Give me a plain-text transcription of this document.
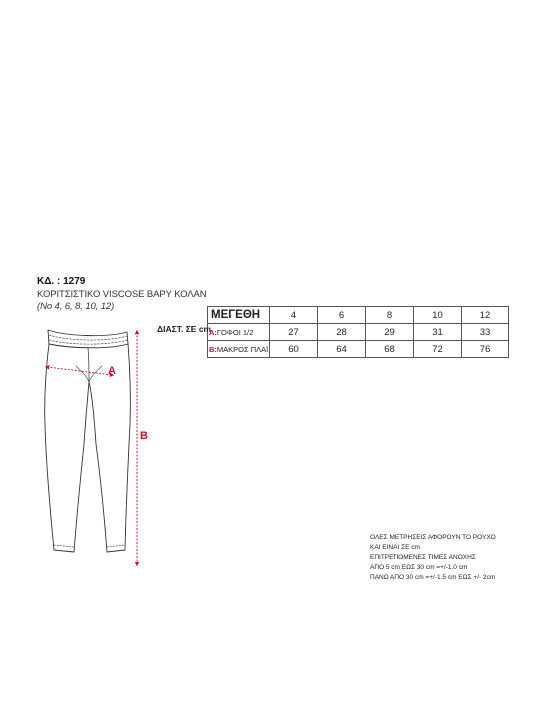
ΚΔ. : 1279
ΚΟΡΙΤΣΙΣΤΙΚΟ VISCOSE ΒΑΡΥ ΚΟΛΑΝ
(No 4, 6, 8, 10, 12)
A
B
ΜΕΓΕΘΗ	4	6	8	10	12
A:ΓΟΦΟΙ 1/2	27	28	29	31	33
B:ΜΑΚΡΟΣ ΠΛΑΪ	60	64	68	72	76
ΔΙΑΣΤ. ΣΕ cm
ΟΛΕΣ ΜΕΤΡΗΣΕΙΣ ΑΦΟΡΟΥΝ ΤΟ ΡΟΥΧΟ
ΚΑΙ ΕΙΝΑΙ ΣΕ cm
ΕΠΙΤΡΕΠΟΜΕΝΕΣ ΤΙΜΕΣ ΑΝΟΧΗΣ
ΑΠΟ 5 cm ΕΩΣ 30 cm =+/-1.0 cm
ΠΑΝΩ ΑΠΟ 30 cm =+/-1.5 cm ΕΩΣ +/- 2cm
